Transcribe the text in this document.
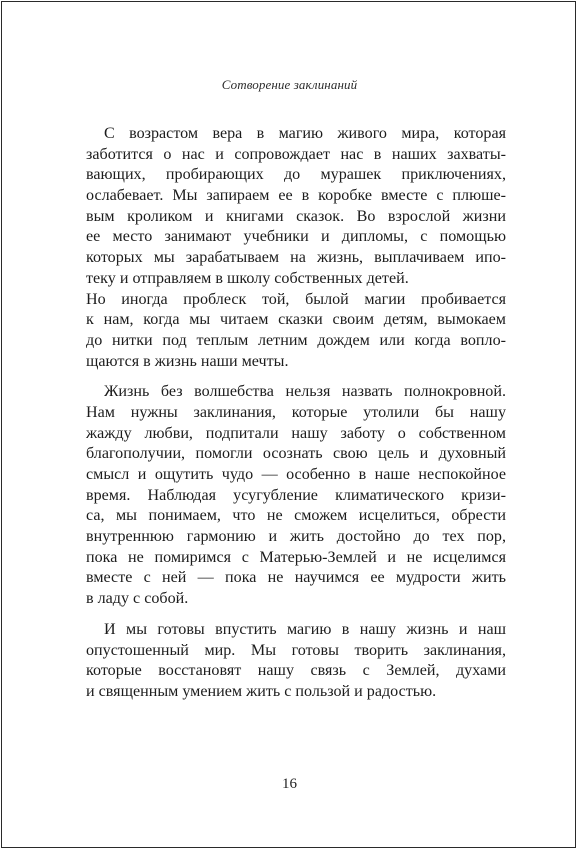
Сотворение заклинаний

С возрастом вера в магию живого мира, которая
заботится о нас и сопровождает нас в наших захваты-
вающих, пробирающих до мурашек приключениях,
ослабевает. Мы запираем ее в коробке вместе с плюше-
вым кроликом и книгами сказок. Во взрослой жизни
ее место занимают учебники и дипломы, с помощью
которых мы зарабатываем на жизнь, выплачиваем ипо-
теку и отправляем в школу собственных детей.
Но иногда проблеск той, былой магии пробивается
к нам, когда мы читаем сказки своим детям, вымокаем
до нитки под теплым летним дождем или когда вопло-
щаются в жизнь наши мечты.

Жизнь без волшебства нельзя назвать полнокровной.
Нам нужны заклинания, которые утолили бы нашу
жажду любви, подпитали нашу заботу о собственном
благополучии, помогли осознать свою цель и духовный
смысл и ощутить чудо — особенно в наше неспокойное
время. Наблюдая усугубление климатического кризи-
са, мы понимаем, что не сможем исцелиться, обрести
внутреннюю гармонию и жить достойно до тех пор,
пока не помиримся с Матерью-Землей и не исцелимся
вместе с ней — пока не научимся ее мудрости жить
в ладу с собой.

И мы готовы впустить магию в нашу жизнь и наш
опустошенный мир. Мы готовы творить заклинания,
которые восстановят нашу связь с Землей, духами
и священным умением жить с пользой и радостью.

16
